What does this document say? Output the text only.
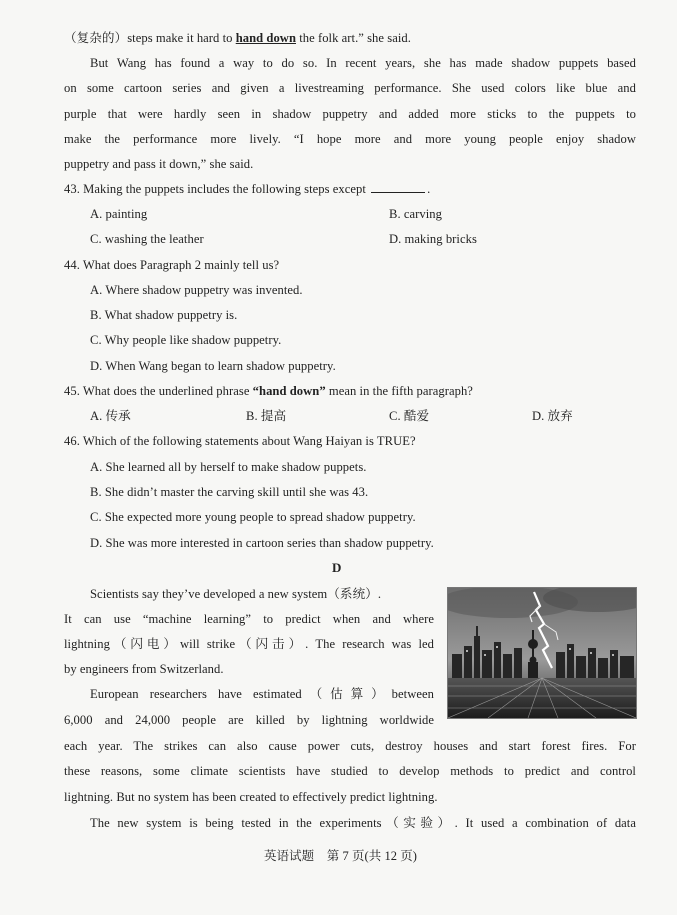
（复杂的）steps make it hard to hand down the folk art.” she said.
But Wang has found a way to do so. In recent years, she has made shadow puppets based
on some cartoon series and given a livestreaming performance. She used colors like blue and
purple that were hardly seen in shadow puppetry and added more sticks to the puppets to
make the performance more lively. “I hope more and more young people enjoy shadow
puppetry and pass it down,” she said.
43. Making the puppets includes the following steps except	.
A. painting	B. carving
C. washing the leather	D. making bricks
44. What does Paragraph 2 mainly tell us?
A. Where shadow puppetry was invented.
B. What shadow puppetry is.
C. Why people like shadow puppetry.
D. When Wang began to learn shadow puppetry.
45. What does the underlined phrase “hand down” mean in the fifth paragraph?
A. 传承	B. 提高	C. 酷爱	D. 放弃
46. Which of the following statements about Wang Haiyan is TRUE?
A. She learned all by herself to make shadow puppets.
B. She didn’t master the carving skill until she was 43.
C. She expected more young people to spread shadow puppetry.
D. She was more interested in cartoon series than shadow puppetry.
D
Scientists say they’ve developed a new system（系统）.
It can use “machine learning” to predict when and where
lightning（闪电）will strike（闪击）. The research was led
by engineers from Switzerland.
European researchers have estimated（估算）between
6,000 and 24,000 people are killed by lightning worldwide
each year. The strikes can also cause power cuts, destroy houses and start forest fires. For
these reasons, some climate scientists have studied to develop methods to predict and control
lightning. But no system has been created to effectively predict lightning.
The new system is being tested in the experiments（实验）. It used a combination of data
英语试题　第 7 页(共 12 页)
